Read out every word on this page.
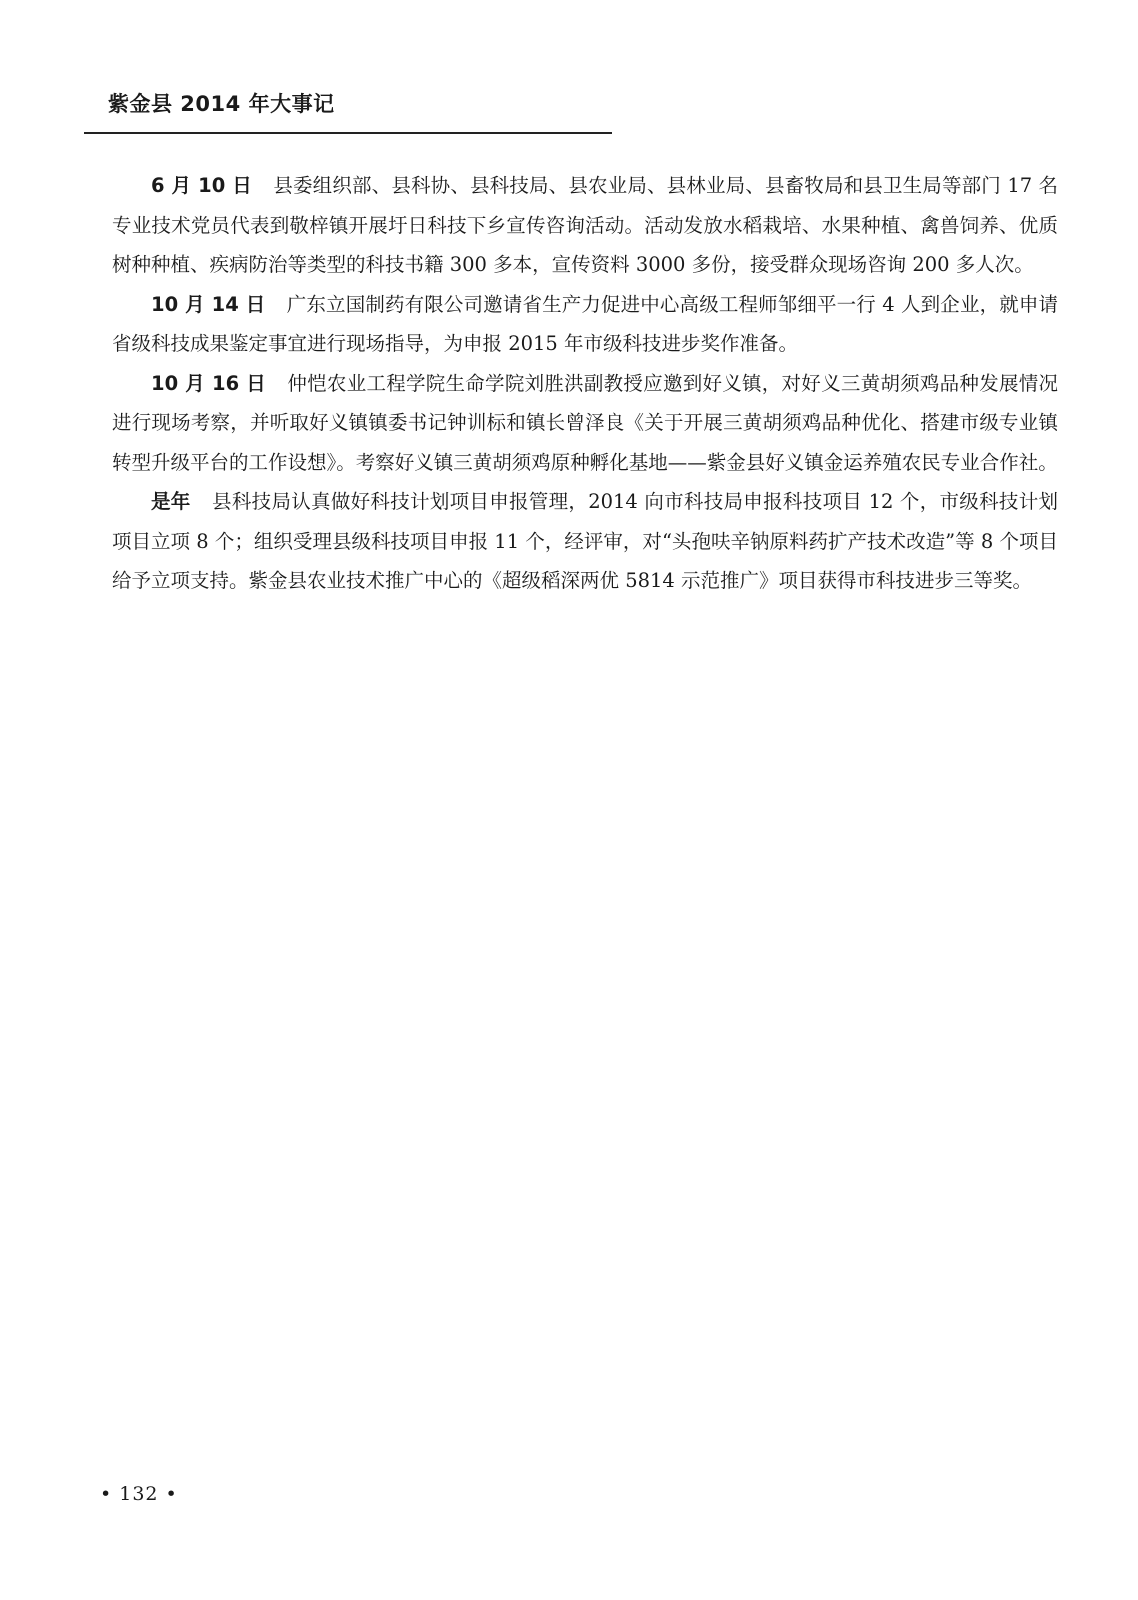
紫金县 2014 年大事记

6 月 10 日 县委组织部、县科协、县科技局、县农业局、县林业局、县畜牧局和县卫生局等部门 17 名专业技术党员代表到敬梓镇开展圩日科技下乡宣传咨询活动。活动发放水稻栽培、水果种植、禽兽饲养、优质树种种植、疾病防治等类型的科技书籍 300 多本，宣传资料 3000 多份，接受群众现场咨询 200 多人次。

10 月 14 日 广东立国制药有限公司邀请省生产力促进中心高级工程师邹细平一行 4 人到企业，就申请省级科技成果鉴定事宜进行现场指导，为申报 2015 年市级科技进步奖作准备。

10 月 16 日 仲恺农业工程学院生命学院刘胜洪副教授应邀到好义镇，对好义三黄胡须鸡品种发展情况进行现场考察，并听取好义镇镇委书记钟训标和镇长曾泽良《关于开展三黄胡须鸡品种优化、搭建市级专业镇转型升级平台的工作设想》。考察好义镇三黄胡须鸡原种孵化基地——紫金县好义镇金运养殖农民专业合作社。

是年 县科技局认真做好科技计划项目申报管理，2014 向市科技局申报科技项目 12 个，市级科技计划项目立项 8 个；组织受理县级科技项目申报 11 个，经评审，对“头孢呋辛钠原料药扩产技术改造”等 8 个项目给予立项支持。紫金县农业技术推广中心的《超级稻深两优 5814 示范推广》项目获得市科技进步三等奖。

• 132 •
